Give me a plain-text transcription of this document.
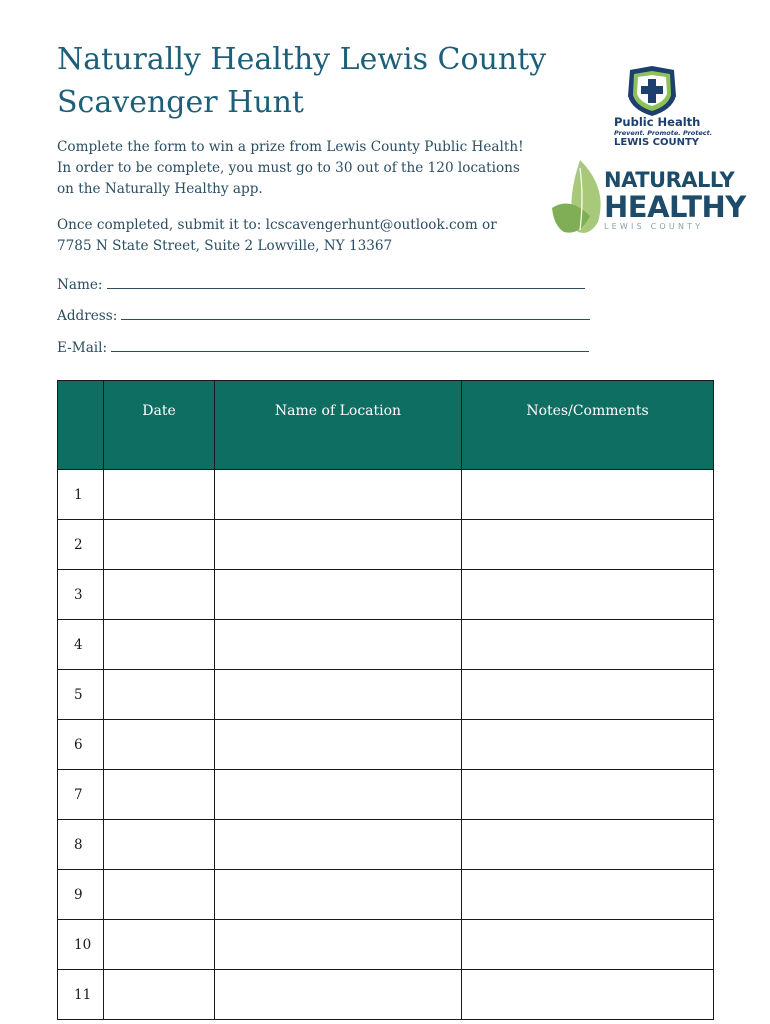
Naturally Healthy Lewis County
Scavenger Hunt
Complete the form to win a prize from Lewis County Public Health!
In order to be complete, you must go to 30 out of the 120 locations
on the Naturally Healthy app.
Once completed, submit it to: lcscavengerhunt@outlook.com or
7785 N State Street, Suite 2 Lowville, NY 13367
Name:
Address:
E-Mail:
Public Health
Prevent. Promote. Protect.
LEWIS COUNTY
NATURALLY
HEALTHY
LEWIS COUNTY
	Date	Name of Location	Notes/Comments
1			
2			
3			
4			
5			
6			
7			
8			
9			
10			
11			
